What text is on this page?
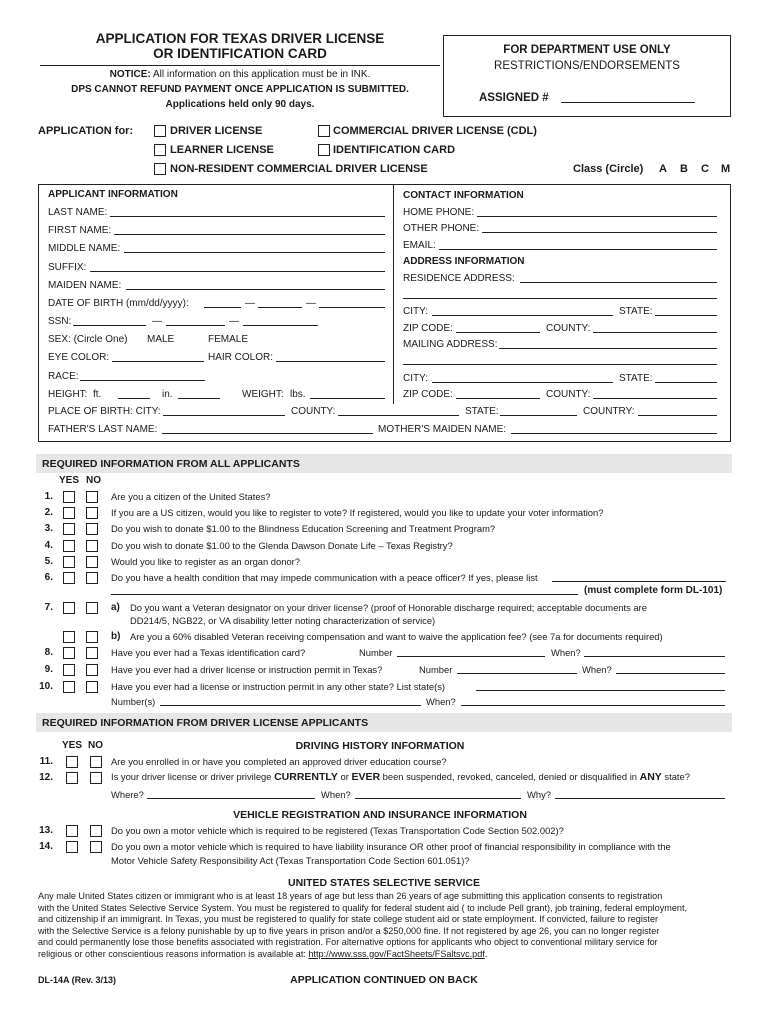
APPLICATION FOR TEXAS DRIVER LICENSE
OR IDENTIFICATION CARD
NOTICE: All information on this application must be in INK.
DPS CANNOT REFUND PAYMENT ONCE APPLICATION IS SUBMITTED.
Applications held only 90 days.
FOR DEPARTMENT USE ONLY
RESTRICTIONS/ENDORSEMENTS
ASSIGNED #
APPLICATION for:	DRIVER LICENSE	COMMERCIAL DRIVER LICENSE (CDL)
LEARNER LICENSE	IDENTIFICATION CARD
NON-RESIDENT COMMERCIAL DRIVER LICENSE	Class (Circle) A B C M
APPLICANT INFORMATION
LAST NAME:
FIRST NAME:
MIDDLE NAME:
SUFFIX:
MAIDEN NAME:
DATE OF BIRTH (mm/dd/yyyy):	—	—
SSN:	—	—
SEX: (Circle One) MALE	FEMALE
EYE COLOR:	HAIR COLOR:
RACE:
HEIGHT: ft.	in.	WEIGHT: lbs.
CONTACT INFORMATION
HOME PHONE:
OTHER PHONE:
EMAIL:
ADDRESS INFORMATION
RESIDENCE ADDRESS:
CITY:	STATE:
ZIP CODE:	COUNTY:
MAILING ADDRESS:
CITY:	STATE:
ZIP CODE:	COUNTY:
PLACE OF BIRTH: CITY:	COUNTY:	STATE:	COUNTRY:
FATHER'S LAST NAME:	MOTHER'S MAIDEN NAME:
REQUIRED INFORMATION FROM ALL APPLICANTS
YES NO
1.	Are you a citizen of the United States?
2.	If you are a US citizen, would you like to register to vote? If registered, would you like to update your voter information?
3.	Do you wish to donate $1.00 to the Blindness Education Screening and Treatment Program?
4.	Do you wish to donate $1.00 to the Glenda Dawson Donate Life – Texas Registry?
5.	Would you like to register as an organ donor?
6.	Do you have a health condition that may impede communication with a peace officer? If yes, please list
(must complete form DL-101)
7.	a) Do you want a Veteran designator on your driver license? (proof of Honorable discharge required; acceptable documents are
DD214/5, NGB22, or VA disability letter noting characterization of service)
b) Are you a 60% disabled Veteran receiving compensation and want to waive the application fee? (see 7a for documents required)
8.	Have you ever had a Texas identification card?	Number	When?
9.	Have you ever had a driver license or instruction permit in Texas?	Number	When?
10.	Have you ever had a license or instruction permit in any other state? List state(s)
Number(s)	When?
REQUIRED INFORMATION FROM DRIVER LICENSE APPLICANTS
YES NO	DRIVING HISTORY INFORMATION
11.	Are you enrolled in or have you completed an approved driver education course?
12.	Is your driver license or driver privilege CURRENTLY or EVER been suspended, revoked, canceled, denied or disqualified in ANY state?
Where?	When?	Why?
VEHICLE REGISTRATION AND INSURANCE INFORMATION
13.	Do you own a motor vehicle which is required to be registered (Texas Transportation Code Section 502.002)?
14.	Do you own a motor vehicle which is required to have liability insurance OR other proof of financial responsibility in compliance with the
Motor Vehicle Safety Responsibility Act (Texas Transportation Code Section 601.051)?
UNITED STATES SELECTIVE SERVICE
Any male United States citizen or immigrant who is at least 18 years of age but less than 26 years of age submitting this application consents to registration
with the United States Selective Service System. You must be registered to qualify for federal student aid ( to include Pell grant), job training, federal employment,
and citizenship if an immigrant. In Texas, you must be registered to qualify for state college student aid or state employment. If convicted, failure to register
with the Selective Service is a felony punishable by up to five years in prison and/or a $250,000 fine. If not registered by age 26, you can no longer register
and could permanently lose those benefits associated with registration. For alternative options for applicants who object to conventional military service for
religious or other conscientious reasons information is available at: http://www.sss.gov/FactSheets/FSaltsvc.pdf.
DL-14A (Rev. 3/13)	APPLICATION CONTINUED ON BACK
